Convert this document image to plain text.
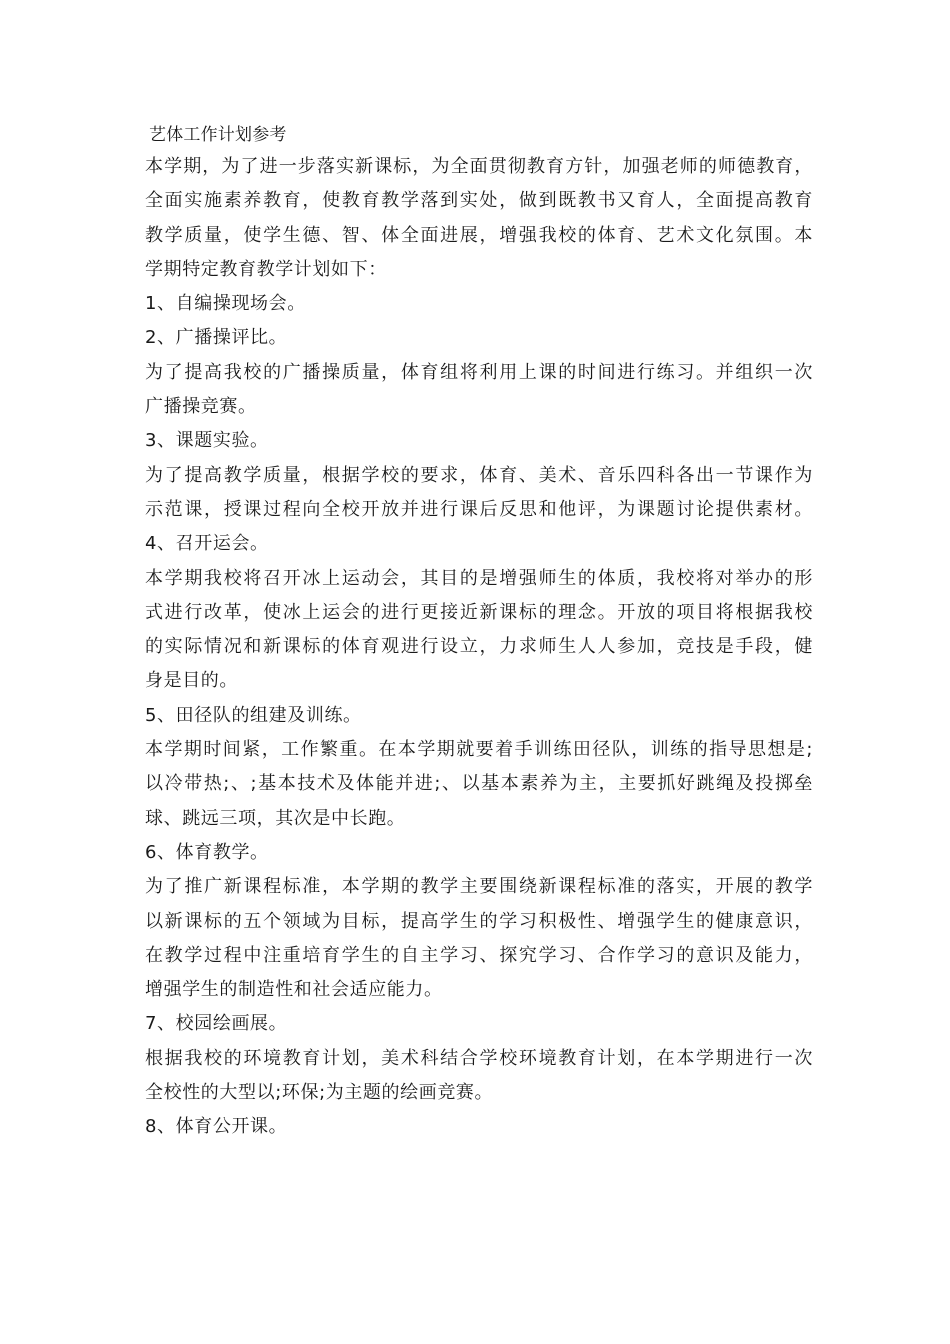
艺体工作计划参考

本学期，为了进一步落实新课标，为全面贯彻教育方针，加强老师的师德教育，

全面实施素养教育，使教育教学落到实处，做到既教书又育人，全面提高教育

教学质量，使学生德、智、体全面进展，增强我校的体育、艺术文化氛围。本

学期特定教育教学计划如下：

1、自编操现场会。

2、广播操评比。

为了提高我校的广播操质量，体育组将利用上课的时间进行练习。并组织一次

广播操竞赛。

3、课题实验。

为了提高教学质量，根据学校的要求，体育、美术、音乐四科各出一节课作为

示范课，授课过程向全校开放并进行课后反思和他评，为课题讨论提供素材。

4、召开运会。

本学期我校将召开冰上运动会，其目的是增强师生的体质，我校将对举办的形

式进行改革，使冰上运会的进行更接近新课标的理念。开放的项目将根据我校

的实际情况和新课标的体育观进行设立，力求师生人人参加，竞技是手段，健

身是目的。

5、田径队的组建及训练。

本学期时间紧，工作繁重。在本学期就要着手训练田径队，训练的指导思想是;

以冷带热;、;基本技术及体能并进;、以基本素养为主，主要抓好跳绳及投掷垒

球、跳远三项，其次是中长跑。

6、体育教学。

为了推广新课程标准，本学期的教学主要围绕新课程标准的落实，开展的教学

以新课标的五个领域为目标，提高学生的学习积极性、增强学生的健康意识，

在教学过程中注重培育学生的自主学习、探究学习、合作学习的意识及能力，

增强学生的制造性和社会适应能力。

7、校园绘画展。

根据我校的环境教育计划，美术科结合学校环境教育计划，在本学期进行一次

全校性的大型以;环保;为主题的绘画竞赛。

8、体育公开课。
